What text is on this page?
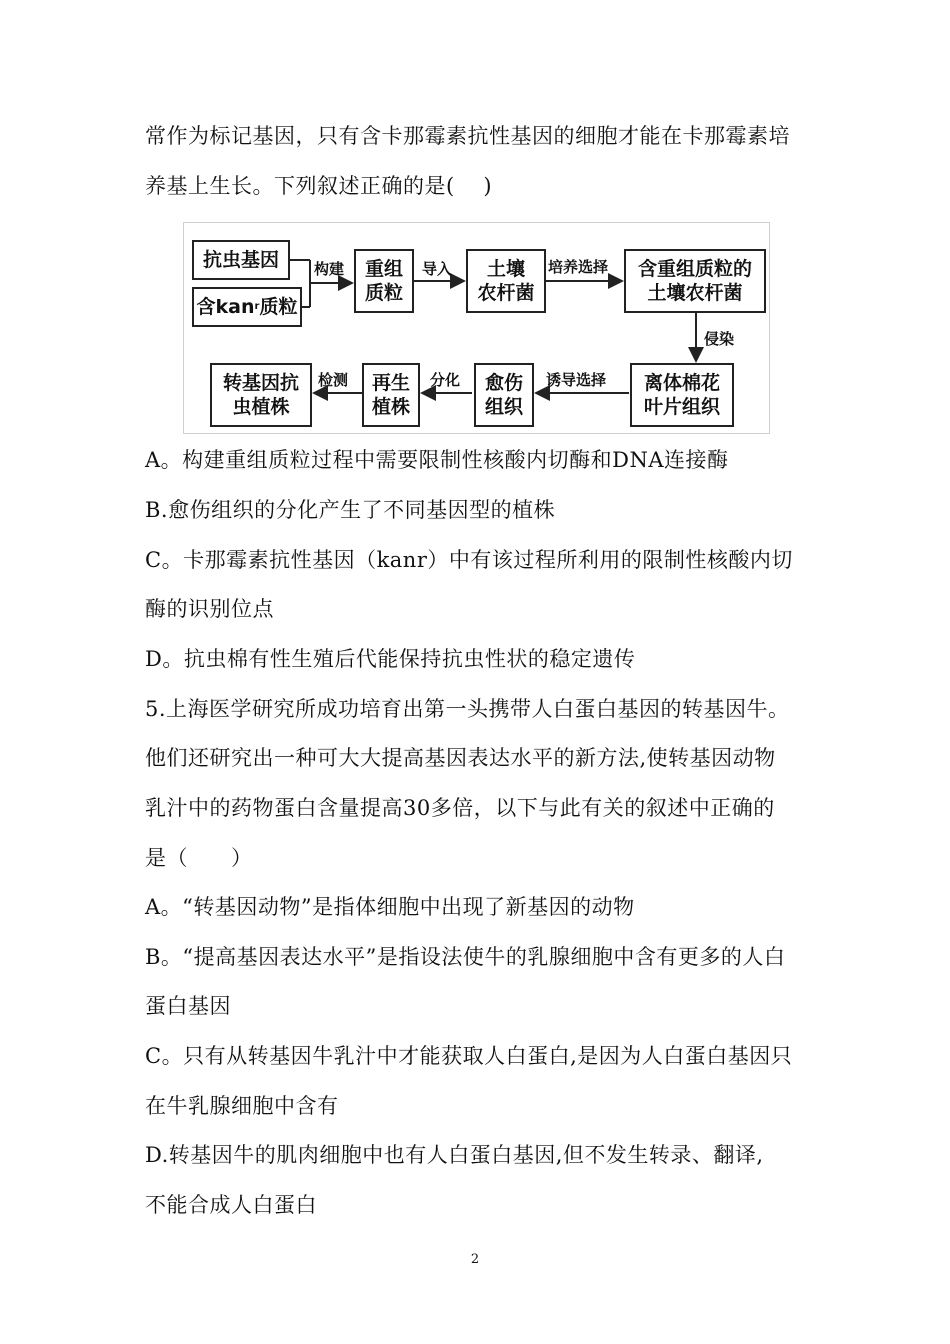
常作为标记基因，只有含卡那霉素抗性基因的细胞才能在卡那霉素培
养基上生长。下列叙述正确的是(　 )
抗虫基因
含kan r 质粒
重组
质粒
土壤
农杆菌
含重组质粒的
土壤农杆菌
离体棉花
叶片组织
愈伤
组织
再生
植株
转基因抗
虫植株
构建	导入	培养选择
侵染
诱导选择
分化
检测
A。构建重组质粒过程中需要限制性核酸内切酶和DNA连接酶
B.愈伤组织的分化产生了不同基因型的植株
C。卡那霉素抗性基因（kanr）中有该过程所利用的限制性核酸内切
酶的识别位点
D。抗虫棉有性生殖后代能保持抗虫性状的稳定遗传
5.上海医学研究所成功培育出第一头携带人白蛋白基因的转基因牛。
他们还研究出一种可大大提高基因表达水平的新方法,使转基因动物
乳汁中的药物蛋白含量提高30多倍，以下与此有关的叙述中正确的
是（　　）
A。“转基因动物”是指体细胞中出现了新基因的动物
B。“提高基因表达水平”是指设法使牛的乳腺细胞中含有更多的人白
蛋白基因
C。只有从转基因牛乳汁中才能获取人白蛋白,是因为人白蛋白基因只
在牛乳腺细胞中含有
D.转基因牛的肌肉细胞中也有人白蛋白基因,但不发生转录、翻译,
不能合成人白蛋白
2
